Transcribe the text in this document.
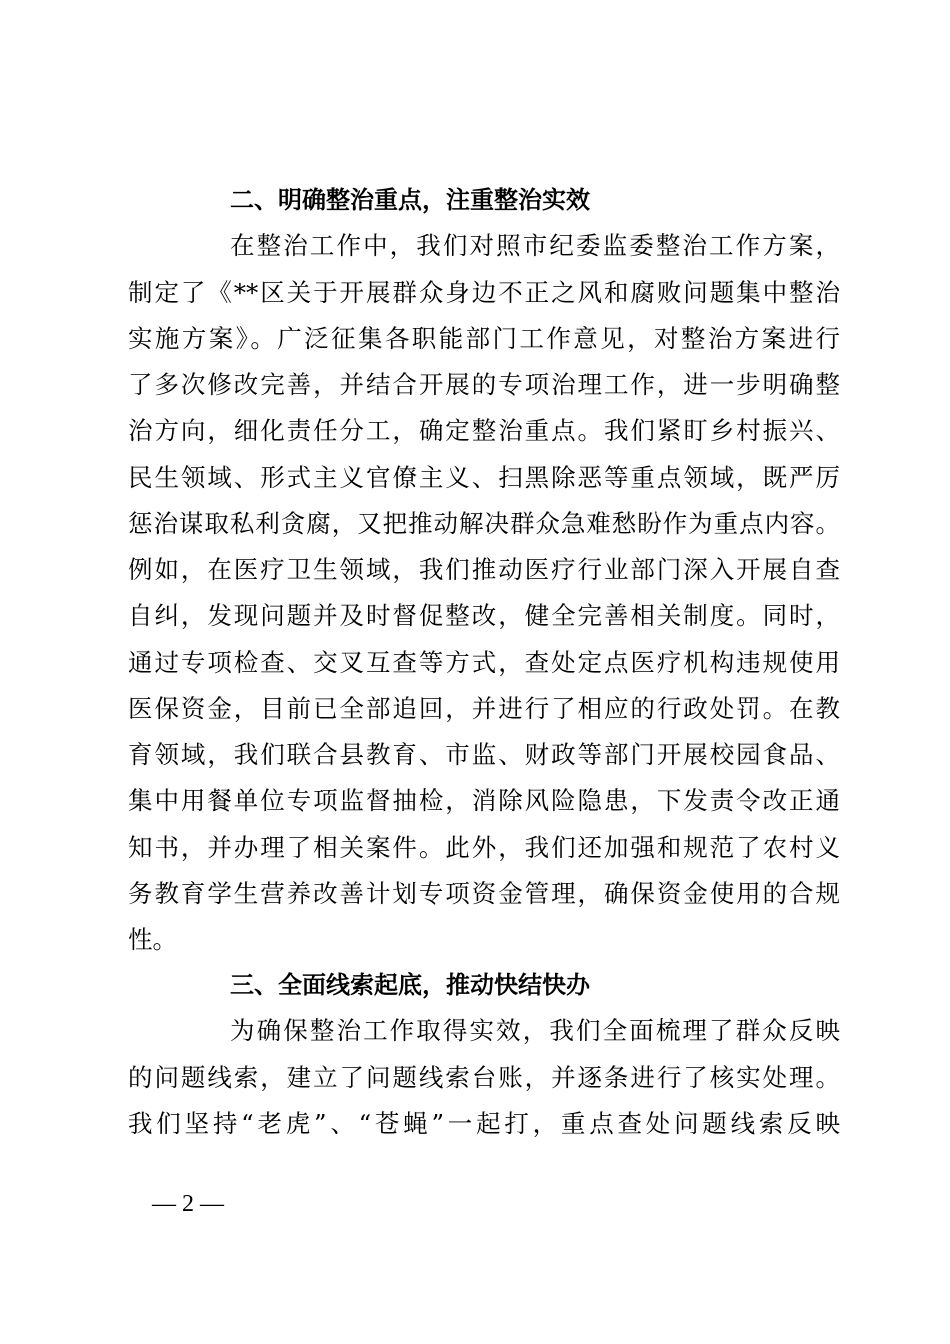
二、明确整治重点，注重整治实效
在整治工作中，我们对照市纪委监委整治工作方案，
制定了《**区关于开展群众身边不正之风和腐败问题集中整治
实施方案》。广泛征集各职能部门工作意见，对整治方案进行
了多次修改完善，并结合开展的专项治理工作，进一步明确整
治方向，细化责任分工，确定整治重点。我们紧盯乡村振兴、
民生领域、形式主义官僚主义、扫黑除恶等重点领域，既严厉
惩治谋取私利贪腐，又把推动解决群众急难愁盼作为重点内容。
例如，在医疗卫生领域，我们推动医疗行业部门深入开展自查
自纠，发现问题并及时督促整改，健全完善相关制度。同时，
通过专项检查、交叉互查等方式，查处定点医疗机构违规使用
医保资金，目前已全部追回，并进行了相应的行政处罚。在教
育领域，我们联合县教育、市监、财政等部门开展校园食品、
集中用餐单位专项监督抽检，消除风险隐患，下发责令改正通
知书，并办理了相关案件。此外，我们还加强和规范了农村义
务教育学生营养改善计划专项资金管理，确保资金使用的合规
性。
三、全面线索起底，推动快结快办
为确保整治工作取得实效，我们全面梳理了群众反映
的问题线索，建立了问题线索台账，并逐条进行了核实处理。
我们坚持“老虎”、“苍蝇”一起打，重点查处问题线索反映
— 2 —
